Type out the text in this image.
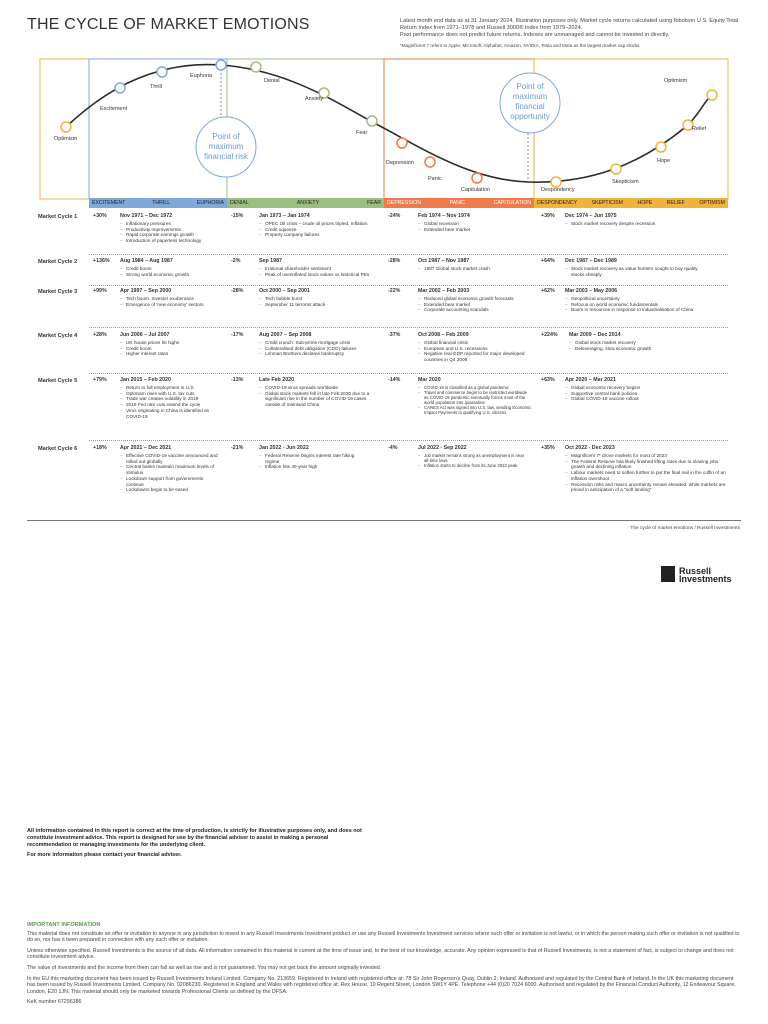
THE CYCLE OF MARKET EMOTIONS	Latest month end data as at 31 January 2024. Illustration purposes only. Market cycle returns calculated using Ibbotson U.S. Equity Total Return Index from 1971–1978 and Russell 3000® Index from 1979–2024.
Past performance does not predict future returns. Indexes are unmanaged and cannot be invested in directly.
*Magnificent 7 refers to Apple, Microsoft, Alphabet, Amazon, NVIDIA, Tesla and Meta as the largest market cap stocks.
Point of maximum financial risk
Point of maximum financial opportunity
Optimism
Excitement
Thrill
Euphoria
Denial
Anxiety
Fear
Depression
Panic
Capitulation	Despondency
Skepticism
Hope
Relief
Optimism
EXCITEMENT	THRILL	EUPHORIA DENIAL	ANXIETY	FEAR DEPRESSION	PANIC	CAPITULATION DESPONDENCY	SKEPTICISM	HOPE	RELIEF	OPTIMISM
Market Cycle 1	+30%	Nov 1971 – Dec 1972
– Inflationary pressures
– Productivity improvements
– Rapid corporate earnings growth
– Introduction of paperless technology
-15%	Jan 1973 – Jan 1974
– OPEC Oil crisis – crude oil prices tripled. Inflation.
– Credit squeeze
– Property company failures
-24%	Feb 1974 – Nov 1974
– Global recession
– Extended bear market
+39% Dec 1974 – Jun 1975
– Stock market recovery despite recession
Market Cycle 2	+136% Aug 1984 – Aug 1987
– Credit boom
– Strong world economic growth
-2%	Sep 1987
– Irrational shareholder sentiment
– Peak of overinflated stock values vs historical PEs
-28%	Oct 1987 – Nov 1987
– 1987 Global stock market crash
+64% Dec 1987 – Dec 1989
– Stock market recovery as value hunters sought to buy quality stocks cheaply
Market Cycle 3	+99%	Apr 1997 – Sep 2000
– Tech boom. Investor exuberance
– Emergence of 'new economy' sectors
-28%	Oct 2000 – Sep 2001
– Tech bubble burst
– September 11 terrorist attack
-22%	Mar 2002 – Feb 2003
– Reduced global economic growth forecasts
– Extended bear market
– Corporate accounting scandals
+62% Mar 2003 – May 2006
– Geopolitical uncertainty
– Refocus on world economic fundamentals
– Boom in resources in response to industrialisation of China
Market Cycle 4	+28%	Jun 2006 – Jul 2007
– UK house prices hit highs
– Credit boom
– Higher interest rates
-17%	Aug 2007 – Sep 2008
– Credit crunch: Sub-prime mortgage crisis
– Collateralised debt obligation (CDO) failures
– Lehman Brothers declares bankruptcy
-37%	Oct 2008 – Feb 2009
– Global financial crisis
– European and U.S. recessions
– Negative real GDP reported for major developed countries in Q4 2008
+224% Mar 2009 – Dec 2014
– Global stock market recovery
– Deleveraging, slow economic growth
Market Cycle 5	+79%	Jan 2015 – Feb 2020
– Return to full employment in U.S.
– Optimism rises with U.S. tax cuts
– Trade war creates volatility in 2018
– 2019 Fed rate cuts extend the cycle
– Virus originating in China is identified as COVID-19
-13%	Late Feb 2020
– COVID-19 virus spreads worldwide
– Global stock markets fell in late Feb 2020 due to a significant rise in the number of COVID-19 cases outside of mainland China
-14%	Mar 2020
– COVID-19 is classified as a global pandemic
– Travel and commerce begin to be restricted worldwide as COVID-19 pandemic eventually forces most of the world population into quarantine
– CARES Act was signed into U.S. law, sending Economic Impact Payments to qualifying U.S. citizens
+63% Apr 2020 – Mar 2021
– Global economic recovery begins
– Supportive central bank policies
– Global COVID-19 vaccine rollout
Market Cycle 6	+18%	Apr 2021 – Dec 2021
– Effective COVID-19 vaccine announced and rolled out globally
– Central banks maintain maximum levels of stimulus
– Lockdown support from governments continue
– Lockdowns begin to be eased
-21%	Jan 2022 - Jun 2022
– Federal Reserve begins interest rate hiking regime
– Inflation hits 40-year high
-4%	Jul 2022 - Sep 2022
– Job market remains strong as unemployment is near all-time lows
– Inflation starts to decline from its June 2022 peak
+35% Oct 2022 - Dec 2023
– Magnificent 7* drove markets for most of 2023
– The Federal Reserve has likely finished lifting rates due to slowing jobs growth and declining inflation
– Labour markets need to soften further to put the final nail in the coffin of an inflation overshoot
– Recession risks and macro uncertainty remain elevated, while markets are priced in anticipation of a "soft landing"
The cycle of market emotions / Russell Investments
Russell
Investments
All information contained in this report is correct at the time of production, is strictly for illustrative purposes only, and does not constitute investment advice. This report is designed for use by the financial adviser to assist in making a personal recommendation or managing investments for the underlying client.
For more information please contact your financial adviser.
IMPORTANT INFORMATION

This material does not constitute an offer or invitation to anyone in any jurisdiction to invest in any Russell Investments Investment product or use any Russell Investments Investment services where such offer or invitation is not lawful, or in which the person making such offer or invitation is not qualified to do so, nor has it been prepared in connection with any such offer or invitation.

Unless otherwise specified, Russell Investments is the source of all data. All information contained in this material is current at the time of issue and, to the best of our knowledge, accurate. Any opinion expressed is that of Russell Investments, is not a statement of fact, is subject to change and does not constitute investment advice.

The value of investments and the income from them can fall as well as rise and is not guaranteed. You may not get back the amount originally invested.

In the EU this marketing document has been issued by Russell Investments Ireland Limited. Company No. 213659. Registered in Ireland with registered office at: 78 Sir John Rogerson's Quay, Dublin 2, Ireland. Authorised and regulated by the Central Bank of Ireland. In the UK this marketing document has been issued by Russell Investments Limited. Company No. 02086230. Registered in England and Wales with registered office at: Rex House, 10 Regent Street, London SW1Y 4PE. Telephone +44 (0)20 7024 6000. Authorised and regulated by the Financial Conduct Authority, 12 Endeavour Square, London, E20 1JN. This material should only be marketed towards Professional Clients as defined by the DFSA.

KeK number 67296386
